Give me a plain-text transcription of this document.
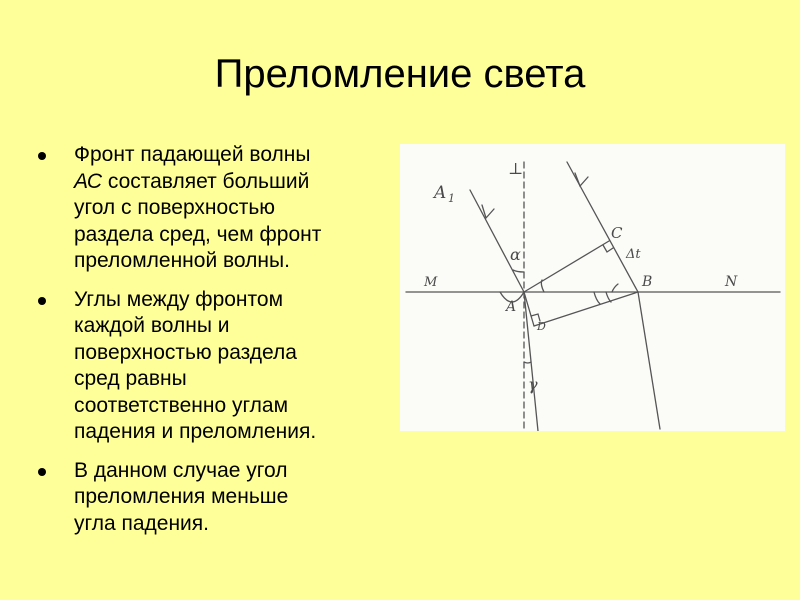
Преломление света
Фронт падающей волны
АС составляет больший
угол с поверхностью
раздела сред, чем фронт
преломленной волны.
Углы между фронтом
каждой волны и
поверхностью раздела
сред равны
соответственно углам
падения и преломления.
В данном случае угол
преломления меньше
угла падения.
⊥
A 1
α
C
Δt
M	B	N
A
D
γ
